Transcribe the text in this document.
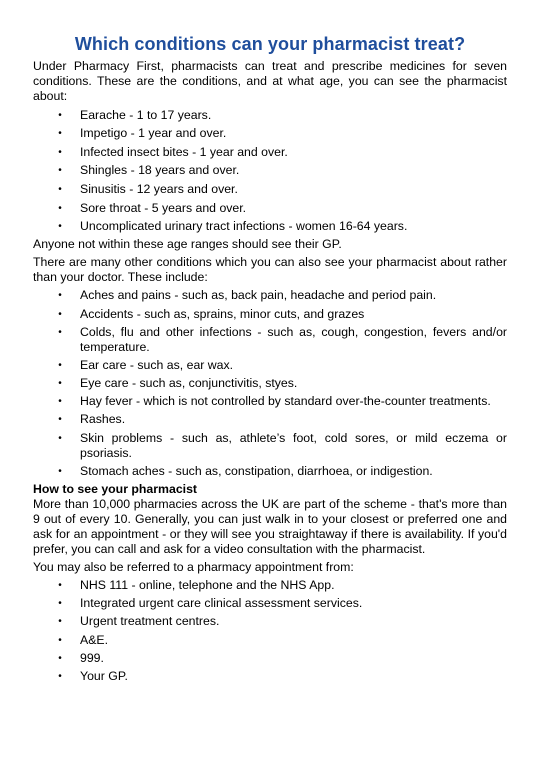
Which conditions can your pharmacist treat?

Under Pharmacy First, pharmacists can treat and prescribe medicines for seven conditions. These are the conditions, and at what age, you can see the pharmacist about:

• Earache - 1 to 17 years.
• Impetigo - 1 year and over.
• Infected insect bites - 1 year and over.
• Shingles - 18 years and over.
• Sinusitis - 12 years and over.
• Sore throat - 5 years and over.
• Uncomplicated urinary tract infections - women 16-64 years.

Anyone not within these age ranges should see their GP.

There are many other conditions which you can also see your pharmacist about rather than your doctor. These include:

• Aches and pains - such as, back pain, headache and period pain.
• Accidents - such as, sprains, minor cuts, and grazes
• Colds, flu and other infections - such as, cough, congestion, fevers and/or temperature.
• Ear care - such as, ear wax.
• Eye care - such as, conjunctivitis, styes.
• Hay fever - which is not controlled by standard over-the-counter treatments.
• Rashes.
• Skin problems - such as, athlete’s foot, cold sores, or mild eczema or psoriasis.
• Stomach aches - such as, constipation, diarrhoea, or indigestion.
How to see your pharmacist

More than 10,000 pharmacies across the UK are part of the scheme - that's more than 9 out of every 10. Generally, you can just walk in to your closest or preferred one and ask for an appointment - or they will see you straightaway if there is availability. If you'd prefer, you can call and ask for a video consultation with the pharmacist.

You may also be referred to a pharmacy appointment from:

• NHS 111 - online, telephone and the NHS App.
• Integrated urgent care clinical assessment services.
• Urgent treatment centres.
• A&E.
• 999.
• Your GP.
